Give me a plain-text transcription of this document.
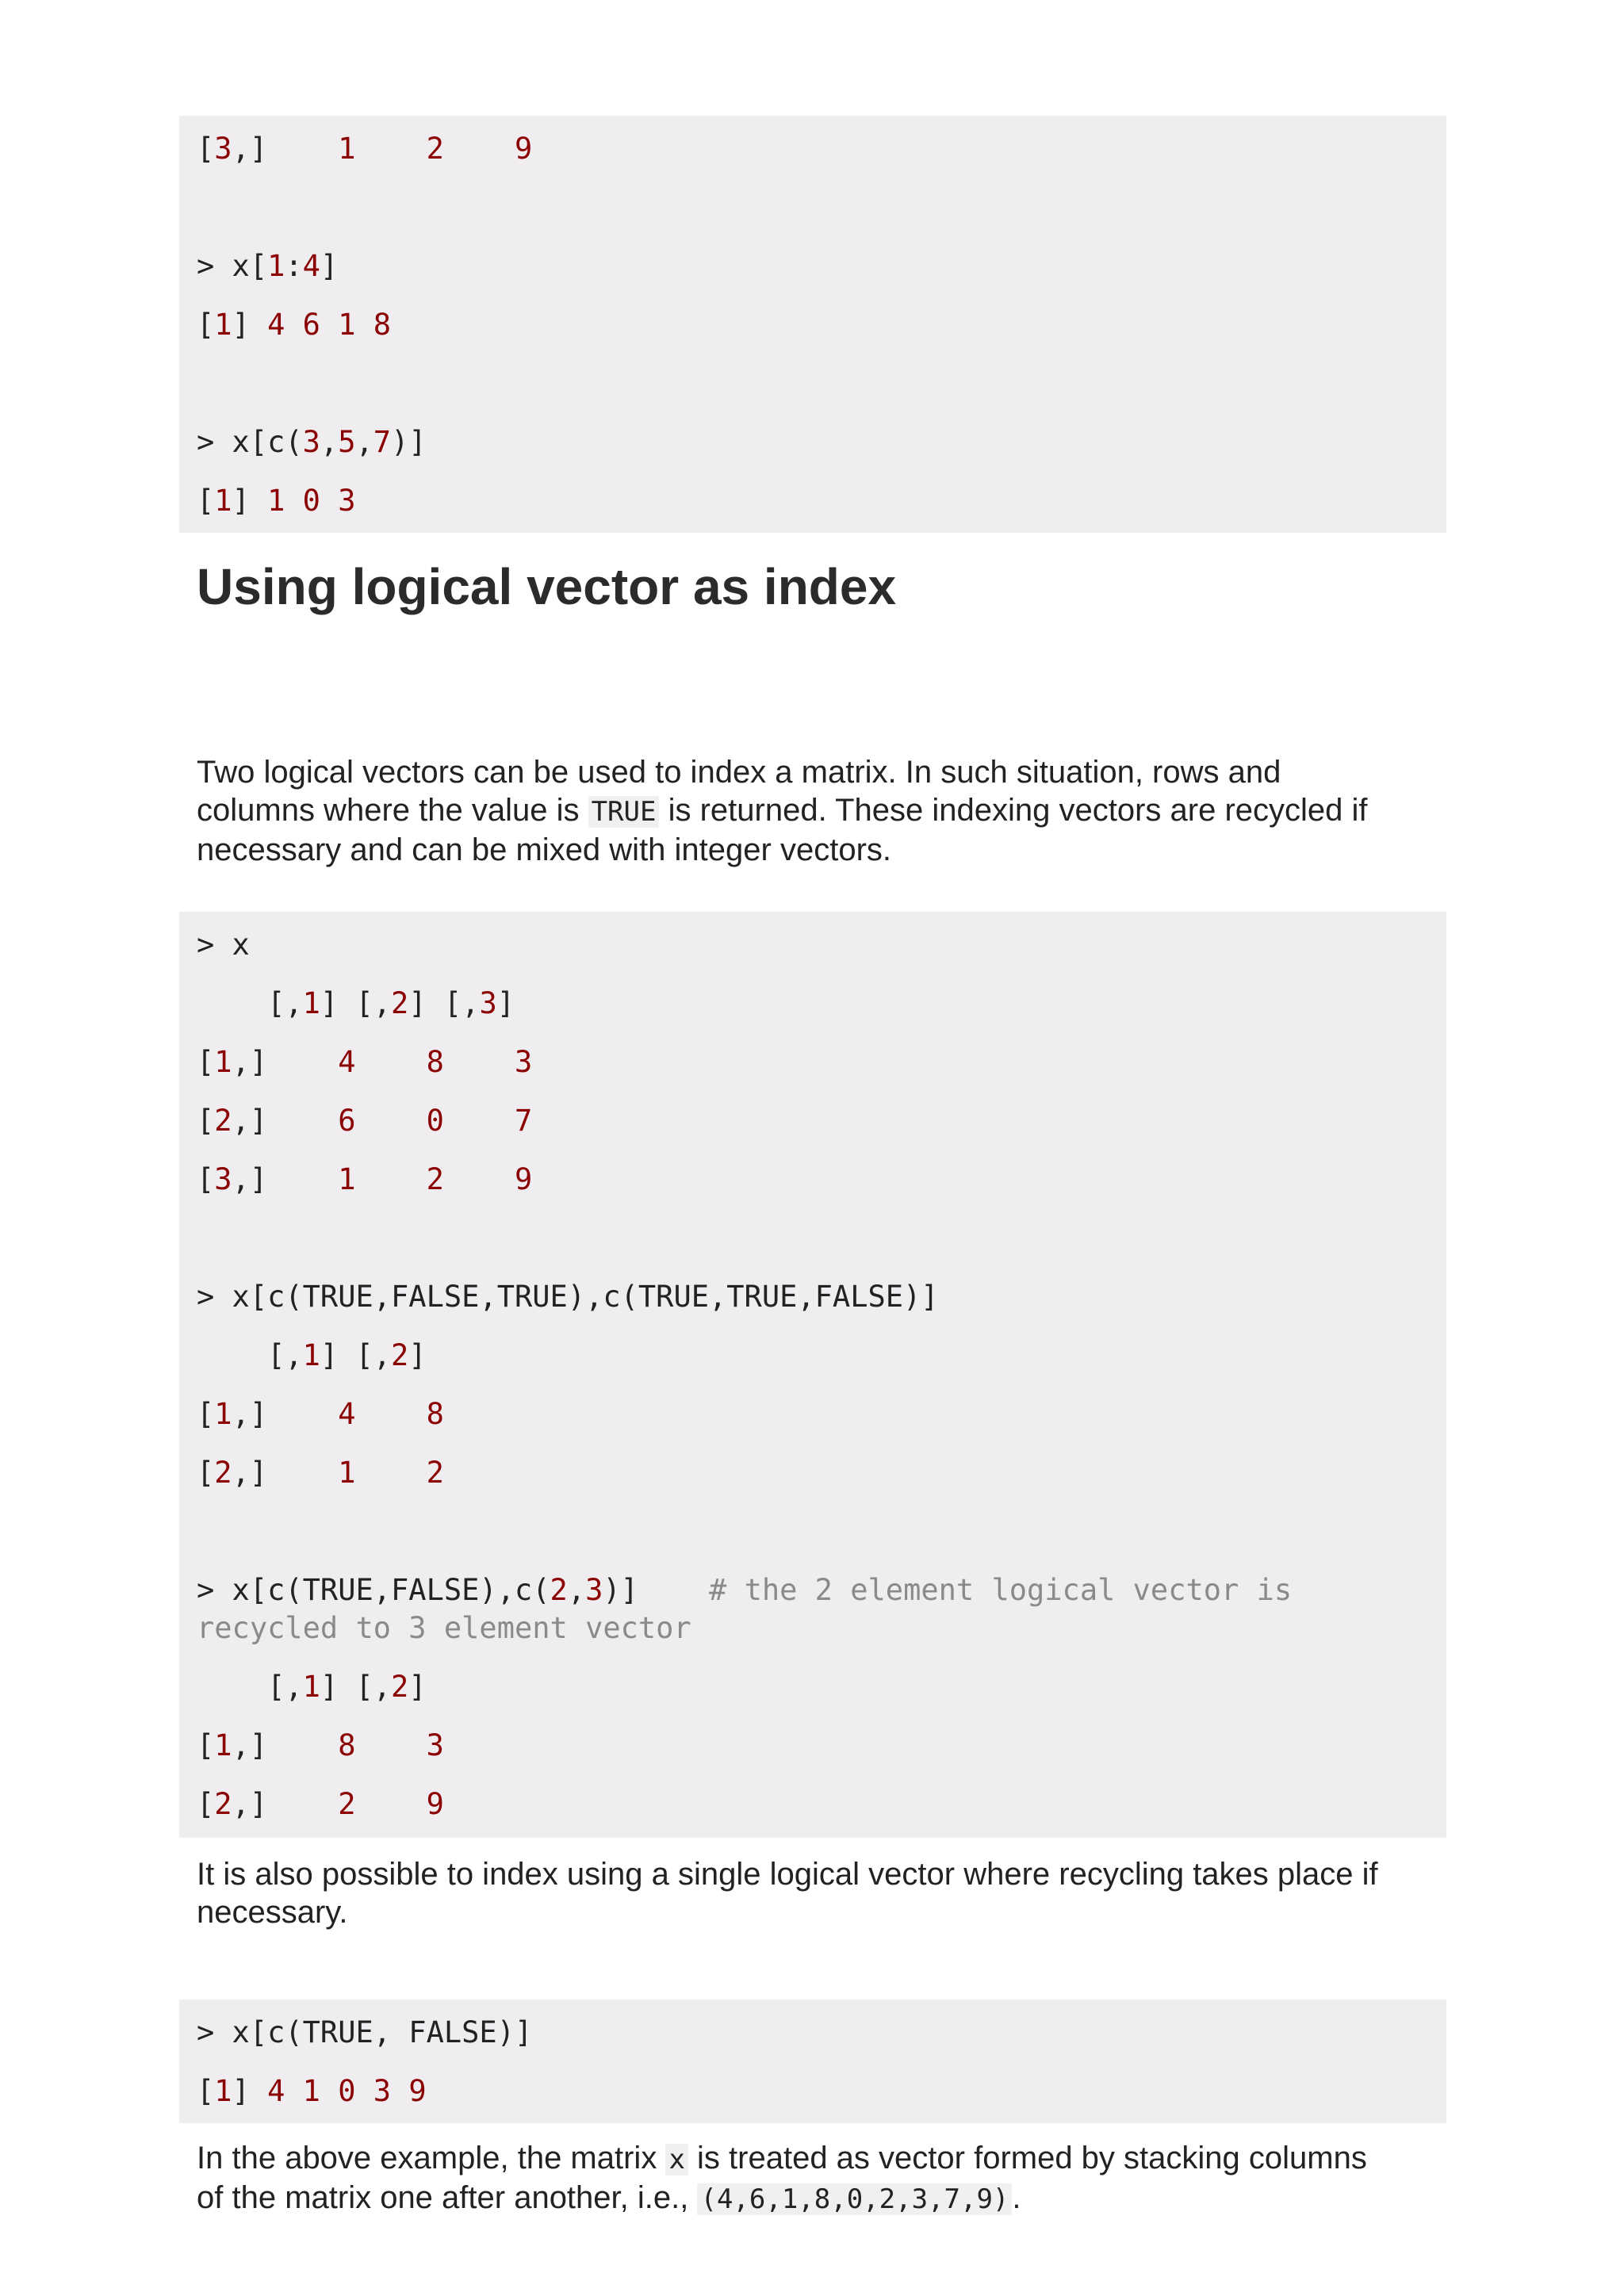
[3,]    1 2 9
> x[1:4]
[1] 4 6 1 8
> x[c(3,5,7)]
[1] 1 0 3
Using logical vector as index

Two logical vectors can be used to index a matrix. In such situation, rows and

columns where the value is TRUE is returned. These indexing vectors are recycled if

necessary and can be mixed with integer vectors.

> x
[,1] [,2] [,3]
[1,]    4 8 3
[2,]    6 0 7
[3,]    1 2 9
> x[c(TRUE,FALSE,TRUE),c(TRUE,TRUE,FALSE)]
[,1] [,2]
[1,]    4 8
[2,]    1 2
> x[c(TRUE,FALSE),c(2,3)]    # the 2 element logical vector is
recycled to 3 element vector
[,1] [,2]
[1,]    8 3
[2,]    2 9

It is also possible to index using a single logical vector where recycling takes place if

necessary.

> x[c(TRUE, FALSE)]
[1] 4 1 0 3 9

In the above example, the matrix x is treated as vector formed by stacking columns

of the matrix one after another, i.e., (4,6,1,8,0,2,3,7,9) .
